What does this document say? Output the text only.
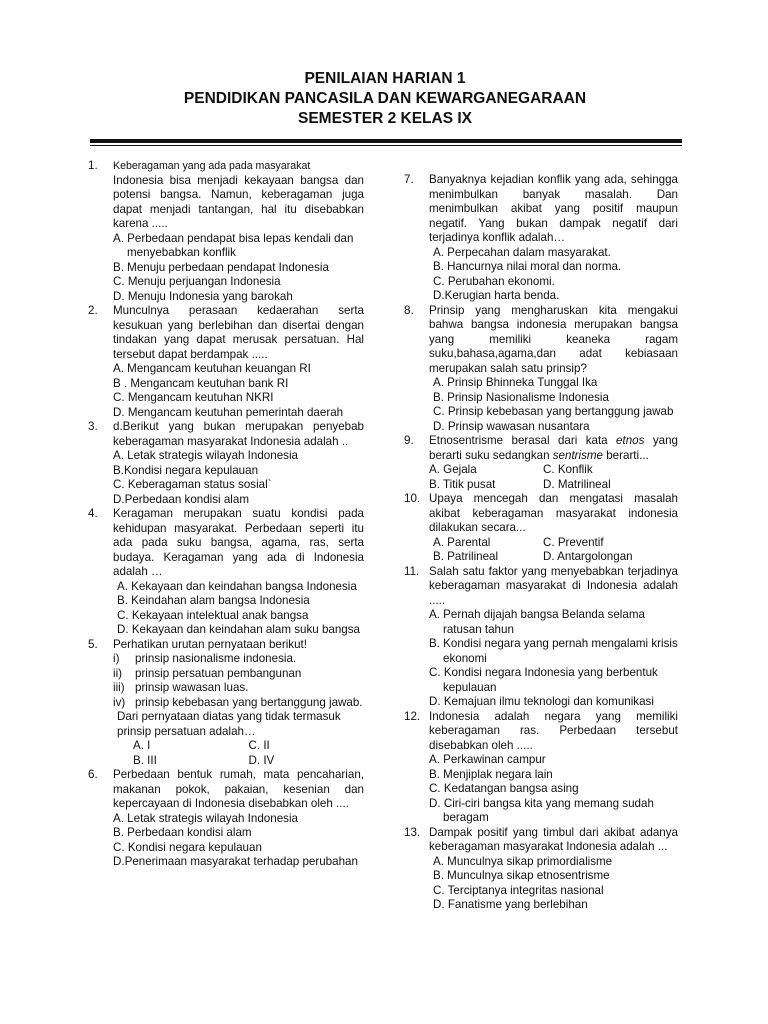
PENILAIAN HARIAN 1
PENDIDIKAN PANCASILA DAN KEWARGANEGARAAN
SEMESTER 2 KELAS IX
1. Keberagaman yang ada pada masyarakat
Indonesia bisa menjadi kekayaan bangsa dan potensi bangsa. Namun, keberagaman juga dapat menjadi tantangan, hal itu disebabkan karena .....
A. Perbedaan pendapat bisa lepas kendali dan menyebabkan konflik
B. Menuju perbedaan pendapat Indonesia
C. Menuju perjuangan Indonesia
D. Menuju Indonesia yang barokah
2. Munculnya perasaan kedaerahan serta kesukuan yang berlebihan dan disertai dengan tindakan yang dapat merusak persatuan. Hal tersebut dapat berdampak .....
A. Mengancam keutuhan keuangan RI
B . Mengancam keutuhan bank RI
C. Mengancam keutuhan NKRI
D. Mengancam keutuhan pemerintah daerah
3. d.Berikut yang bukan merupakan penyebab keberagaman masyarakat Indonesia adalah ..
A. Letak strategis wilayah Indonesia
B.Kondisi negara kepulauan
C. Keberagaman status sosial`
D.Perbedaan kondisi alam
4. Keragaman merupakan suatu kondisi pada kehidupan masyarakat. Perbedaan seperti itu ada pada suku bangsa, agama, ras, serta budaya. Keragaman yang ada di Indonesia adalah …
A. Kekayaan dan keindahan bangsa Indonesia
B. Keindahan alam bangsa Indonesia
C. Kekayaan intelektual anak bangsa
D. Kekayaan dan keindahan alam suku bangsa
5. Perhatikan urutan pernyataan berikut!
i)	prinsip nasionalisme indonesia.
ii)	prinsip persatuan pembangunan
iii) prinsip wawasan luas.
iv) prinsip kebebasan yang bertanggung jawab.
Dari pernyataan diatas yang tidak termasuk prinsip persatuan adalah…
A. I	C. II
B. III	D. IV
6. Perbedaan bentuk rumah, mata pencaharian, makanan pokok, pakaian, kesenian dan kepercayaan di Indonesia disebabkan oleh ....
A. Letak strategis wilayah Indonesia
B. Perbedaan kondisi alam
C. Kondisi negara kepulauan
D.Penerimaan masyarakat terhadap perubahan
7. Banyaknya kejadian konflik yang ada, sehingga menimbulkan banyak masalah. Dan menimbulkan akibat yang positif maupun negatif. Yang bukan dampak negatif dari terjadinya konflik adalah…
A. Perpecahan dalam masyarakat.
B. Hancurnya nilai moral dan norma.
C. Perubahan ekonomi.
D.Kerugian harta benda.
8. Prinsip yang mengharuskan kita mengakui bahwa bangsa indonesia merupakan bangsa yang memiliki keaneka ragam suku,bahasa,agama,dan adat kebiasaan merupakan salah satu prinsip?
A. Prinsip Bhinneka Tunggal Ika
B. Prinsip Nasionalisme Indonesia
C. Prinsip kebebasan yang bertanggung jawab
D. Prinsip wawasan nusantara
9. Etnosentrisme berasal dari kata etnos yang berarti suku sedangkan sentrisme berarti...
A. Gejala	C. Konflik
B. Titik pusat	D. Matrilineal
10. Upaya mencegah dan mengatasi masalah akibat keberagaman masyarakat indonesia dilakukan secara...
A. Parental	C. Preventif
B. Patrilineal	D. Antargolongan
11. Salah satu faktor yang menyebabkan terjadinya keberagaman masyarakat di Indonesia adalah .....
A. Pernah dijajah bangsa Belanda selama ratusan tahun
B. Kondisi negara yang pernah mengalami krisis ekonomi
C. Kondisi negara Indonesia yang berbentuk kepulauan
D. Kemajuan ilmu teknologi dan komunikasi
12. Indonesia adalah negara yang memiliki keberagaman ras. Perbedaan tersebut disebabkan oleh .....
A. Perkawinan campur
B. Menjiplak negara lain
C. Kedatangan bangsa asing
D. Ciri-ciri bangsa kita yang memang sudah beragam
13. Dampak positif yang timbul dari akibat adanya keberagaman masyarakat Indonesia adalah ...
A. Munculnya sikap primordialisme
B. Munculnya sikap etnosentrisme
C. Terciptanya integritas nasional
D. Fanatisme yang berlebihan
